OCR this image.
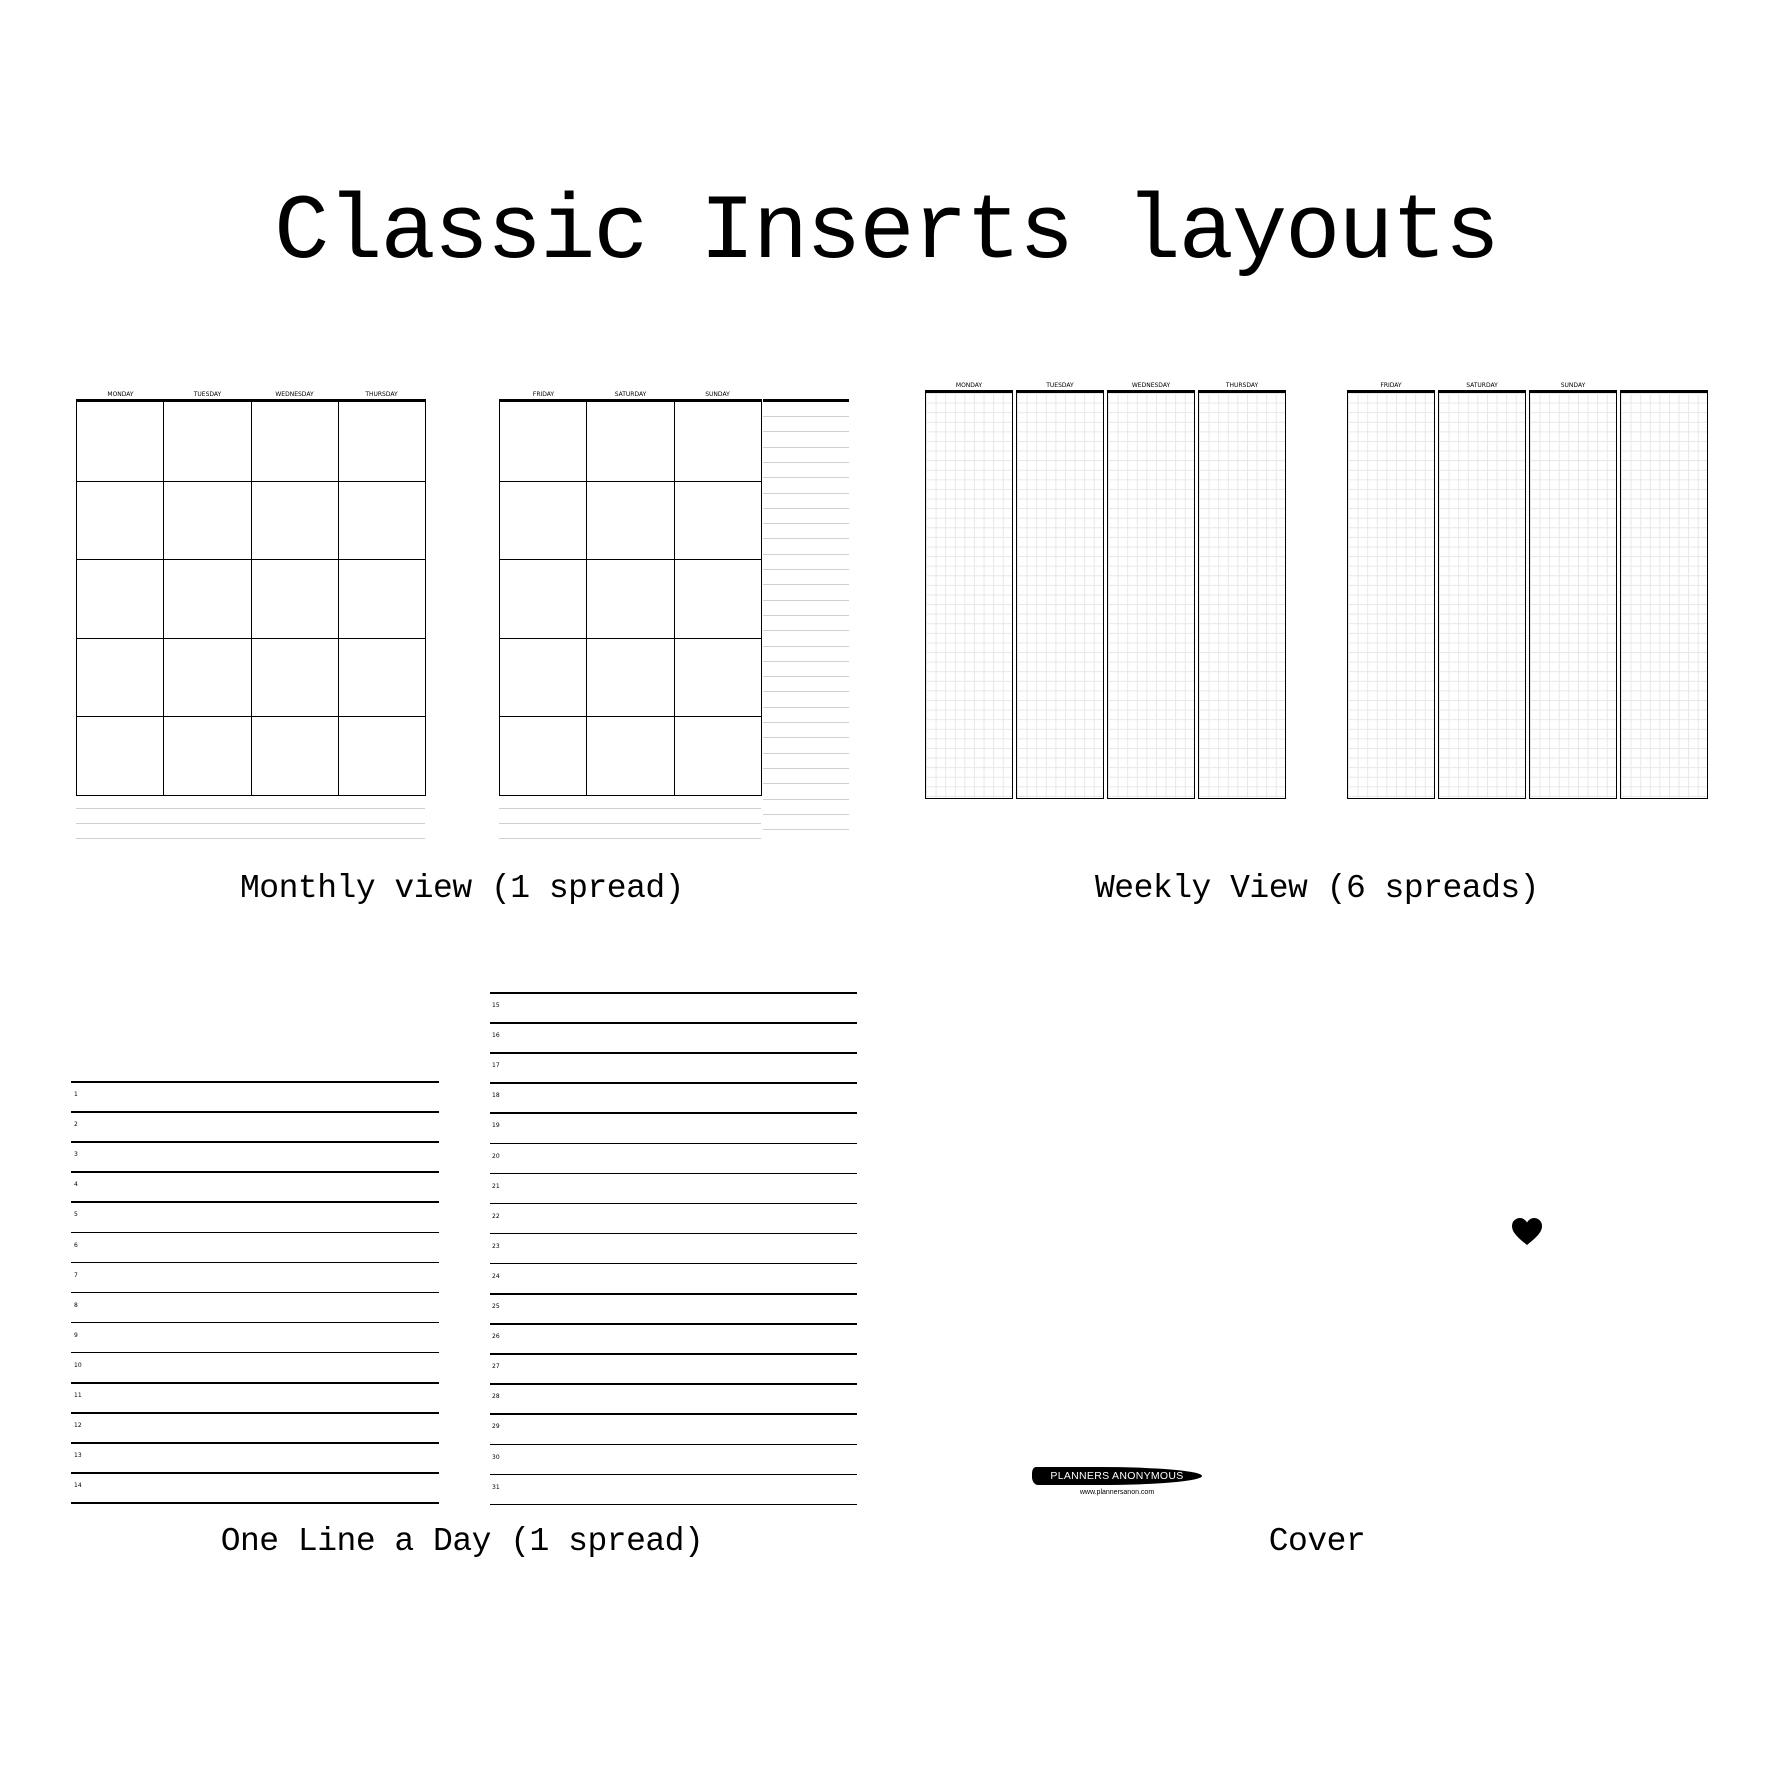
Classic Inserts layouts
MONDAY	TUESDAY	WEDNESDAY	THURSDAY	FRIDAY	SATURDAY	SUNDAY
Monthly view (1 spread)
MONDAY	TUESDAY	WEDNESDAY	THURSDAY	FRIDAY	SATURDAY	SUNDAY
Weekly View (6 spreads)
1
2
3
4
5
6
7
8
9
10
11
12
13
14
15
16
17
18
19
20
21
22
23
24
25
26
27
28
29
30
31
One Line a Day (1 spread)
PLANNERS ANONYMOUS
www.plannersanon.com
Cover
